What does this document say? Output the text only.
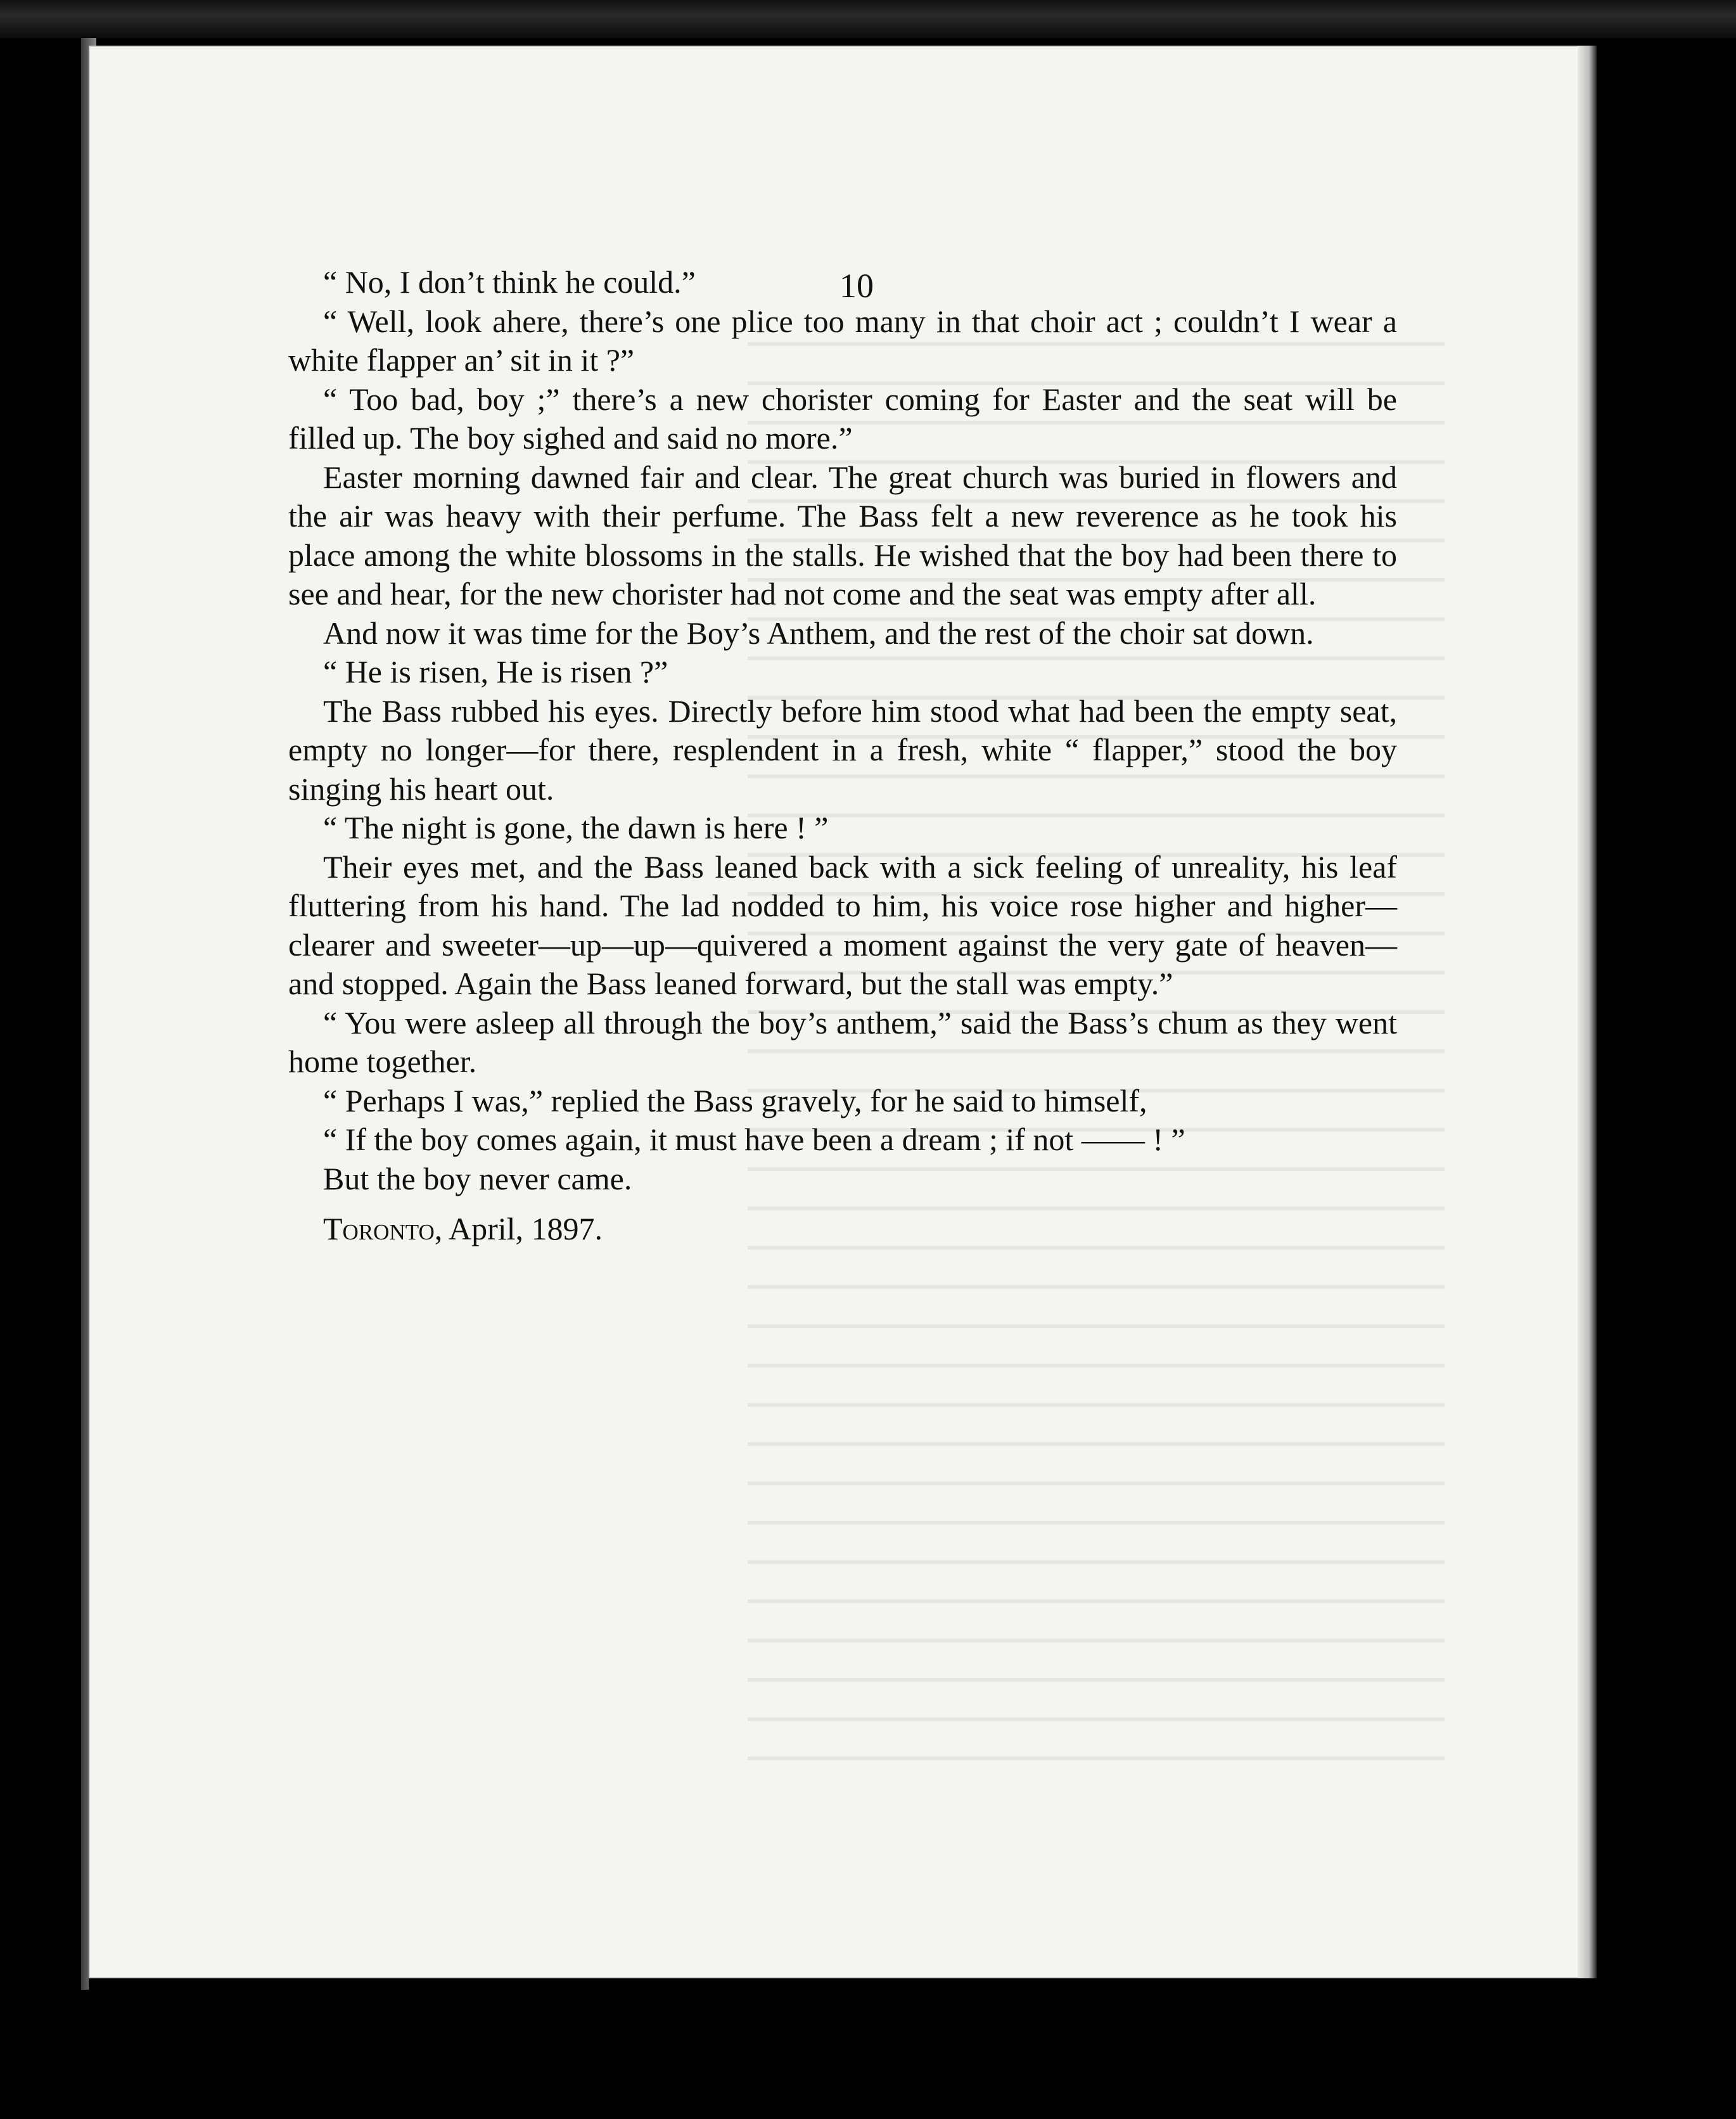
10

“ No, I don’t think he could.”

“ Well, look ahere, there’s one plice too many in that choir act ; couldn’t I wear a white flapper an’ sit in it ?”

“ Too bad, boy ;” there’s a new chorister coming for Easter and the seat will be filled up. The boy sighed and said no more.”

Easter morning dawned fair and clear. The great church was buried in flowers and the air was heavy with their perfume. The Bass felt a new reverence as he took his place among the white blossoms in the stalls. He wished that the boy had been there to see and hear, for the new chorister had not come and the seat was empty after all.

And now it was time for the Boy’s Anthem, and the rest of the choir sat down.

“ He is risen, He is risen ?”

The Bass rubbed his eyes. Directly before him stood what had been the empty seat, empty no longer—for there, resplendent in a fresh, white “ flapper,” stood the boy singing his heart out.

“ The night is gone, the dawn is here ! ”

Their eyes met, and the Bass leaned back with a sick feeling of unreality, his leaf fluttering from his hand. The lad nodded to him, his voice rose higher and higher—clearer and sweeter—up—up—quivered a moment against the very gate of heaven—and stopped. Again the Bass leaned forward, but the stall was empty.”

“ You were asleep all through the boy’s anthem,” said the Bass’s chum as they went home together.

“ Perhaps I was,” replied the Bass gravely, for he said to himself,

“ If the boy comes again, it must have been a dream ; if not —— ! ”

But the boy never came.

Toronto, April, 1897.
